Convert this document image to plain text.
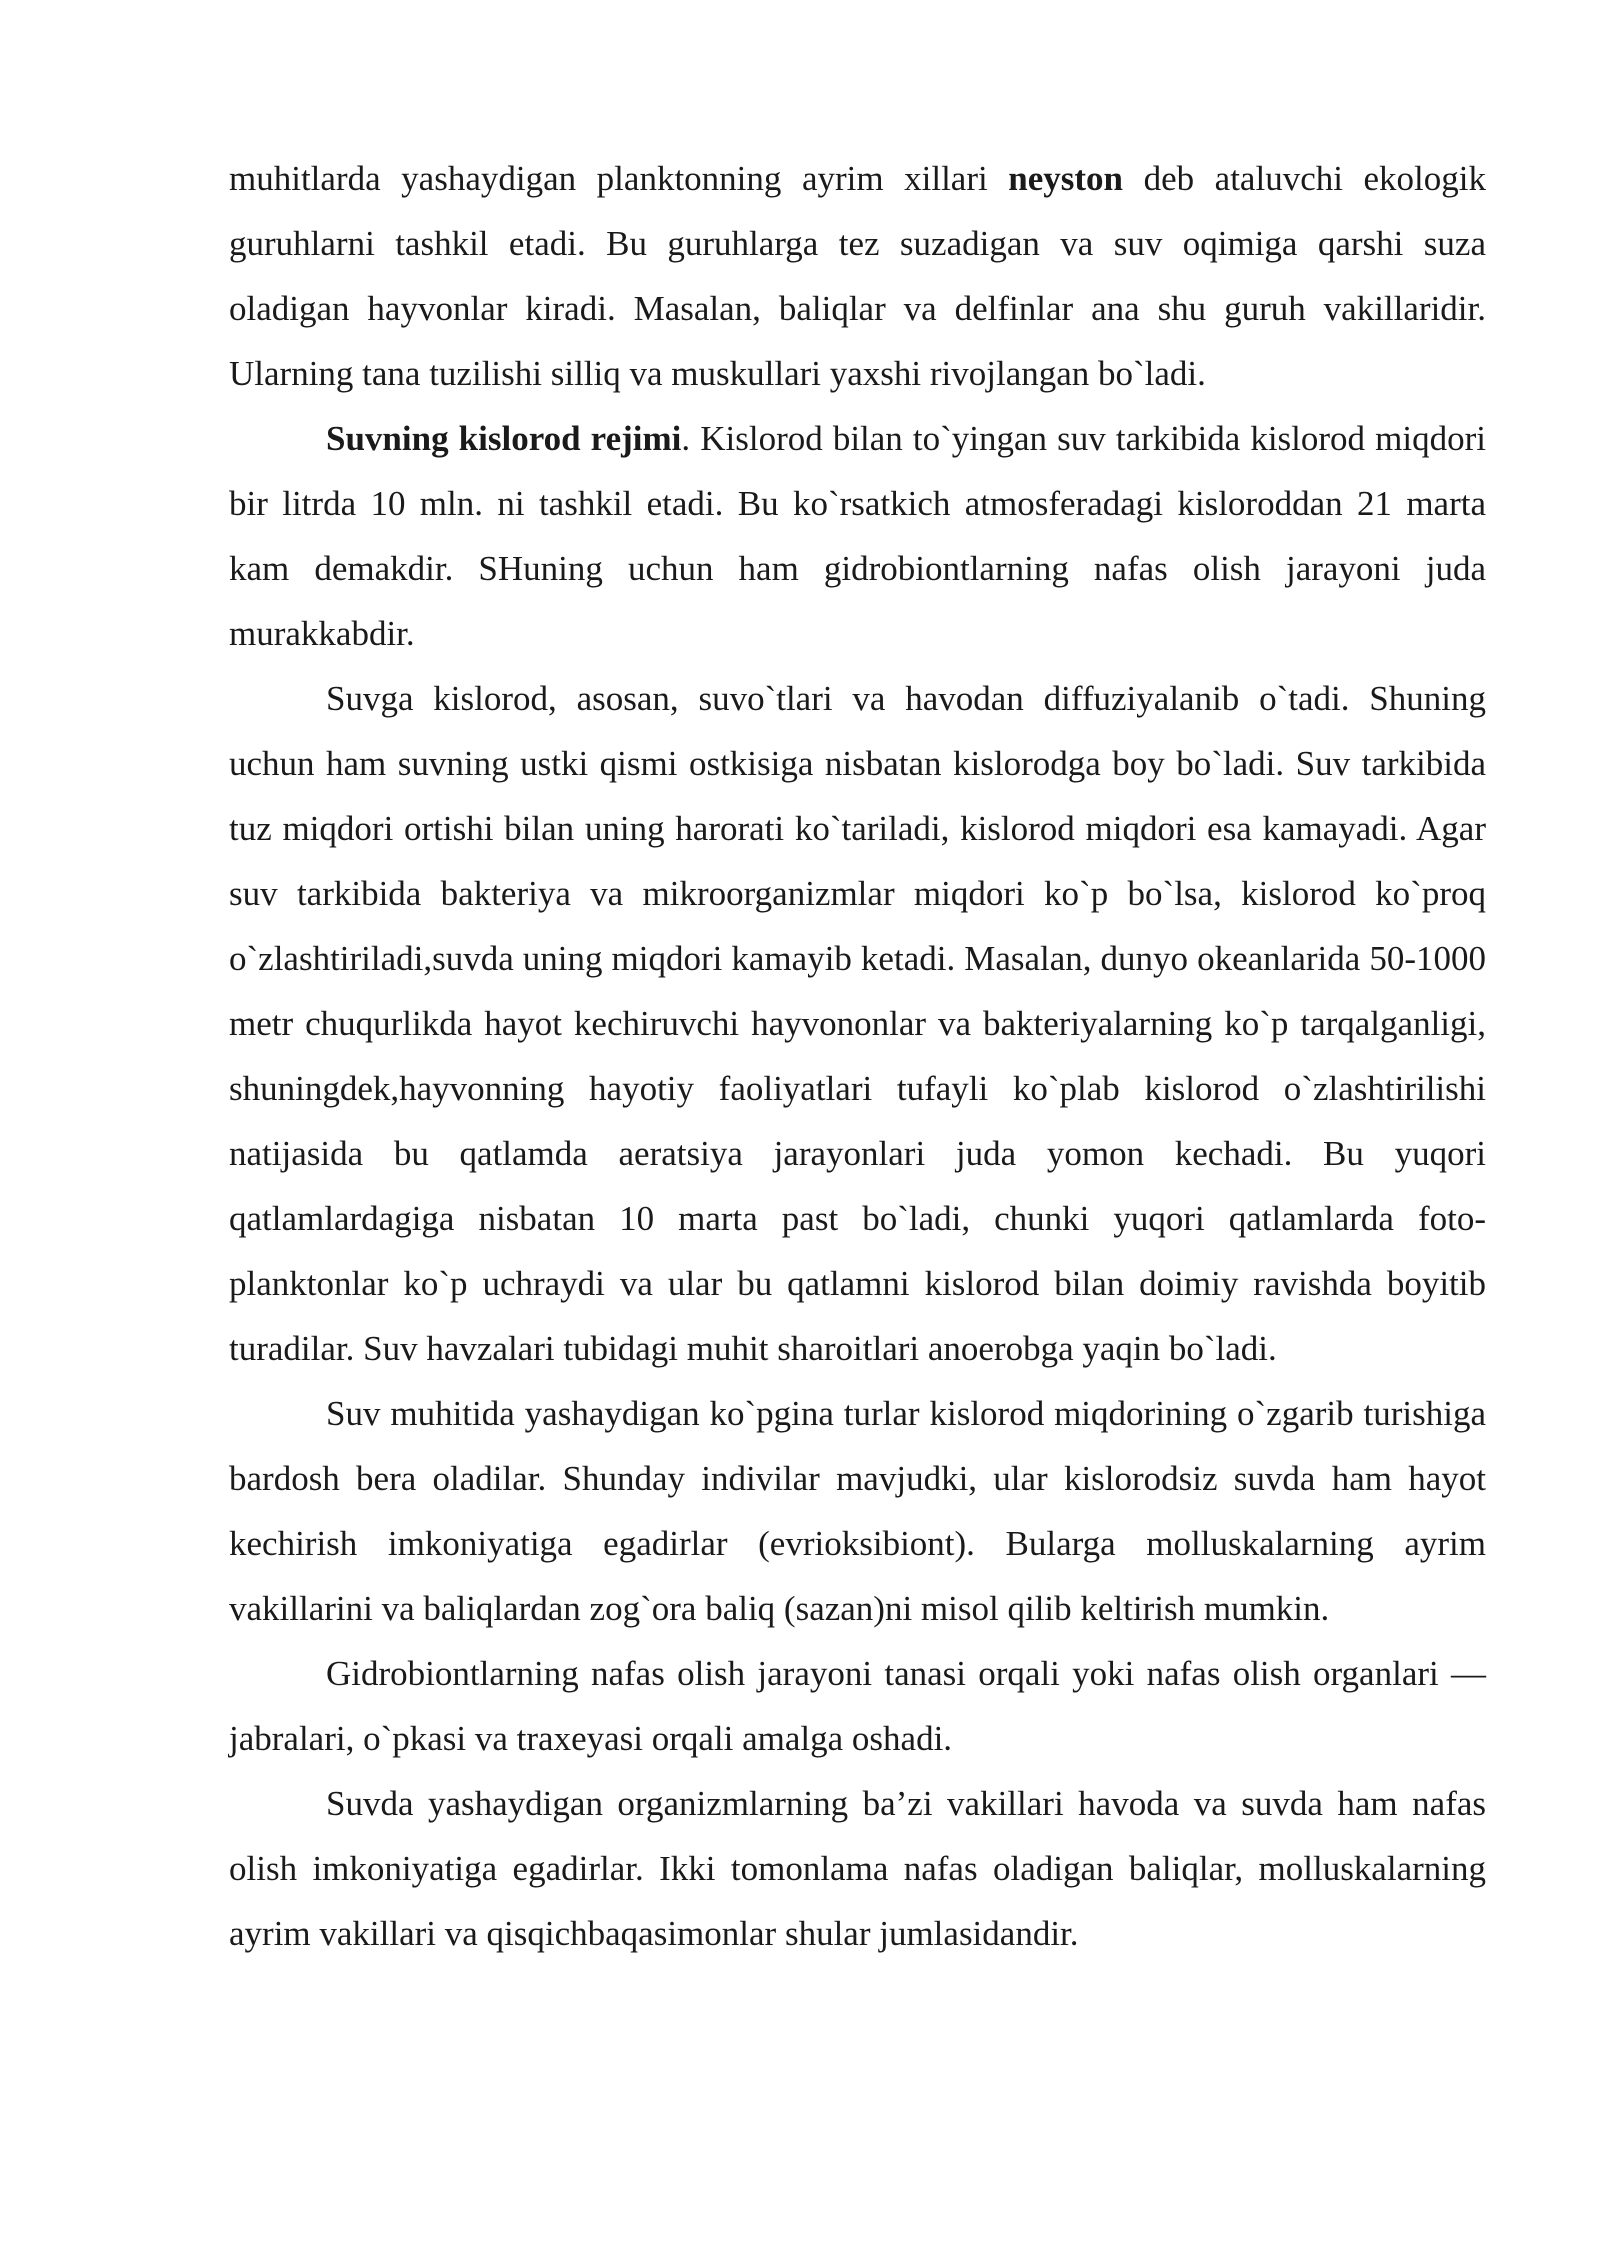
muhitlarda yashaydigan planktonning ayrim xillari neyston deb ataluvchi ekologik guruhlarni tashkil etadi. Bu guruhlarga tez suzadigan va suv oqimiga qarshi suza oladigan hayvonlar kiradi. Masalan, baliqlar va delfinlar ana shu guruh vakillaridir. Ularning tana tuzilishi silliq va muskullari yaxshi rivojlangan bo`ladi.

Suvning kislorod rejimi. Kislorod bilan to`yingan suv tarkibida kislorod miqdori bir litrda 10 mln. ni tashkil etadi. Bu ko`rsatkich atmosferadagi kisloroddan 21 marta kam demakdir. SHuning uchun ham gidrobiontlarning nafas olish jarayoni juda murakkabdir.

Suvga kislorod, asosan, suvo`tlari va havodan diffuziyalanib o`tadi. Shuning uchun ham suvning ustki qismi ostkisiga nisbatan kislorodga boy bo`ladi. Suv tarkibida tuz miqdori ortishi bilan uning harorati ko`tariladi, kislorod miqdori esa kamayadi. Agar suv tarkibida bakteriya va mikroorganizmlar miqdori ko`p bo`lsa, kislorod ko`proq o`zlashtiriladi,suvda uning miqdori kamayib ketadi. Masalan, dunyo okeanlarida 50-1000 metr chuqurlikda hayot kechiruvchi hayvononlar va bakteriyalarning ko`p tarqalganligi, shuningdek,hayvonning hayotiy faoliyatlari tufayli ko`plab kislorod o`zlashtirilishi natijasida bu qatlamda aeratsiya jarayonlari juda yomon kechadi. Bu yuqori qatlamlardagiga nisbatan 10 marta past bo`ladi, chunki yuqori qatlamlarda foto-planktonlar ko`p uchraydi va ular bu qatlamni kislorod bilan doimiy ravishda boyitib turadilar. Suv havzalari tubidagi muhit sharoitlari anoerobga yaqin bo`ladi.

Suv muhitida yashaydigan ko`pgina turlar kislorod miqdorining o`zgarib turishiga bardosh bera oladilar. Shunday indivilar mavjudki, ular kislorodsiz suvda ham hayot kechirish imkoniyatiga egadirlar (evrioksibiont). Bularga molluskalarning ayrim vakillarini va baliqlardan zog`ora baliq (sazan)ni misol qilib keltirish mumkin.

Gidrobiontlarning nafas olish jarayoni tanasi orqali yoki nafas olish organlari — jabralari, o`pkasi va traxeyasi orqali amalga oshadi.

Suvda yashaydigan organizmlarning ba’zi vakillari havoda va suvda ham nafas olish imkoniyatiga egadirlar. Ikki tomonlama nafas oladigan baliqlar, molluskalarning ayrim vakillari va qisqichbaqasimonlar shular jumlasidandir.
